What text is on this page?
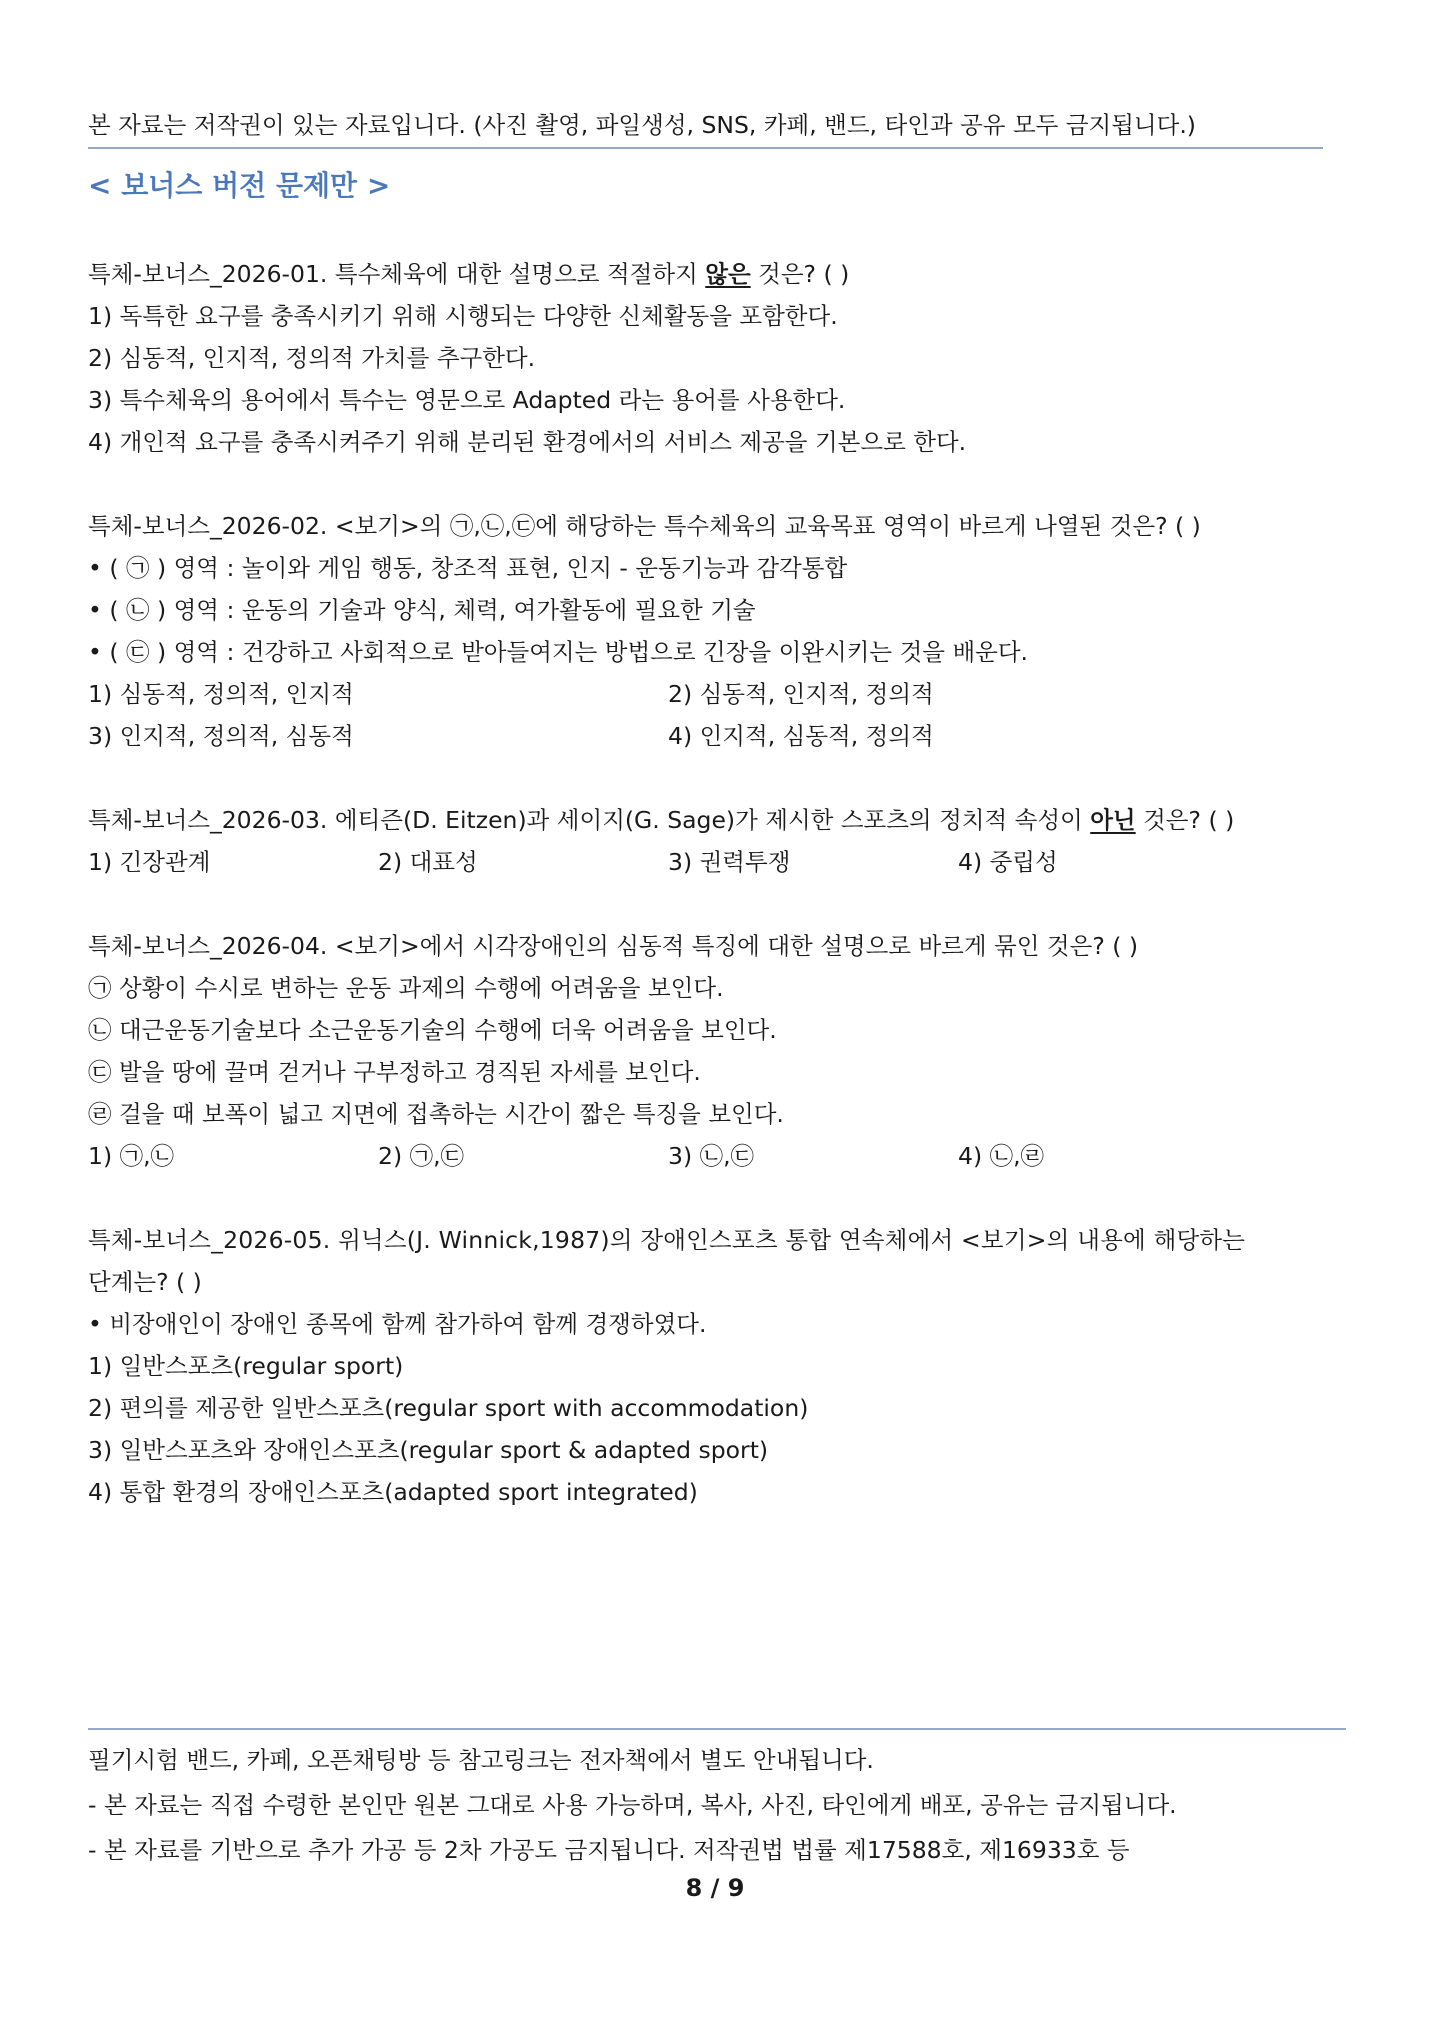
본 자료는 저작권이 있는 자료입니다. (사진 촬영, 파일생성, SNS, 카페, 밴드, 타인과 공유 모두 금지됩니다.)
< 보너스 버전 문제만 >
특체-보너스_2026-01. 특수체육에 대한 설명으로 적절하지 않은 것은? ( )
1) 독특한 요구를 충족시키기 위해 시행되는 다양한 신체활동을 포함한다.
2) 심동적, 인지적, 정의적 가치를 추구한다.
3) 특수체육의 용어에서 특수는 영문으로 Adapted 라는 용어를 사용한다.
4) 개인적 요구를 충족시켜주기 위해 분리된 환경에서의 서비스 제공을 기본으로 한다.
특체-보너스_2026-02. <보기>의 ㉠,㉡,㉢에 해당하는 특수체육의 교육목표 영역이 바르게 나열된 것은? ( )
• ( ㉠ ) 영역 : 놀이와 게임 행동, 창조적 표현, 인지 - 운동기능과 감각통합
• ( ㉡ ) 영역 : 운동의 기술과 양식, 체력, 여가활동에 필요한 기술
• ( ㉢ ) 영역 : 건강하고 사회적으로 받아들여지는 방법으로 긴장을 이완시키는 것을 배운다.
1) 심동적, 정의적, 인지적	2) 심동적, 인지적, 정의적
3) 인지적, 정의적, 심동적	4) 인지적, 심동적, 정의적
특체-보너스_2026-03. 에티즌(D. Eitzen)과 세이지(G. Sage)가 제시한 스포츠의 정치적 속성이 아닌 것은? ( )
1) 긴장관계	2) 대표성	3) 권력투쟁	4) 중립성
특체-보너스_2026-04. <보기>에서 시각장애인의 심동적 특징에 대한 설명으로 바르게 묶인 것은? ( )
㉠ 상황이 수시로 변하는 운동 과제의 수행에 어려움을 보인다.
㉡ 대근운동기술보다 소근운동기술의 수행에 더욱 어려움을 보인다.
㉢ 발을 땅에 끌며 걷거나 구부정하고 경직된 자세를 보인다.
㉣ 걸을 때 보폭이 넓고 지면에 접촉하는 시간이 짧은 특징을 보인다.
1) ㉠,㉡	2) ㉠,㉢	3) ㉡,㉢	4) ㉡,㉣
특체-보너스_2026-05. 위닉스(J. Winnick,1987)의 장애인스포츠 통합 연속체에서 <보기>의 내용에 해당하는
단계는? ( )
• 비장애인이 장애인 종목에 함께 참가하여 함께 경쟁하였다.
1) 일반스포츠(regular sport)
2) 편의를 제공한 일반스포츠(regular sport with accommodation)
3) 일반스포츠와 장애인스포츠(regular sport & adapted sport)
4) 통합 환경의 장애인스포츠(adapted sport integrated)
필기시험 밴드, 카페, 오픈채팅방 등 참고링크는 전자책에서 별도 안내됩니다.
- 본 자료는 직접 수령한 본인만 원본 그대로 사용 가능하며, 복사, 사진, 타인에게 배포, 공유는 금지됩니다.
- 본 자료를 기반으로 추가 가공 등 2차 가공도 금지됩니다. 저작권법 법률 제17588호, 제16933호 등
8 / 9
